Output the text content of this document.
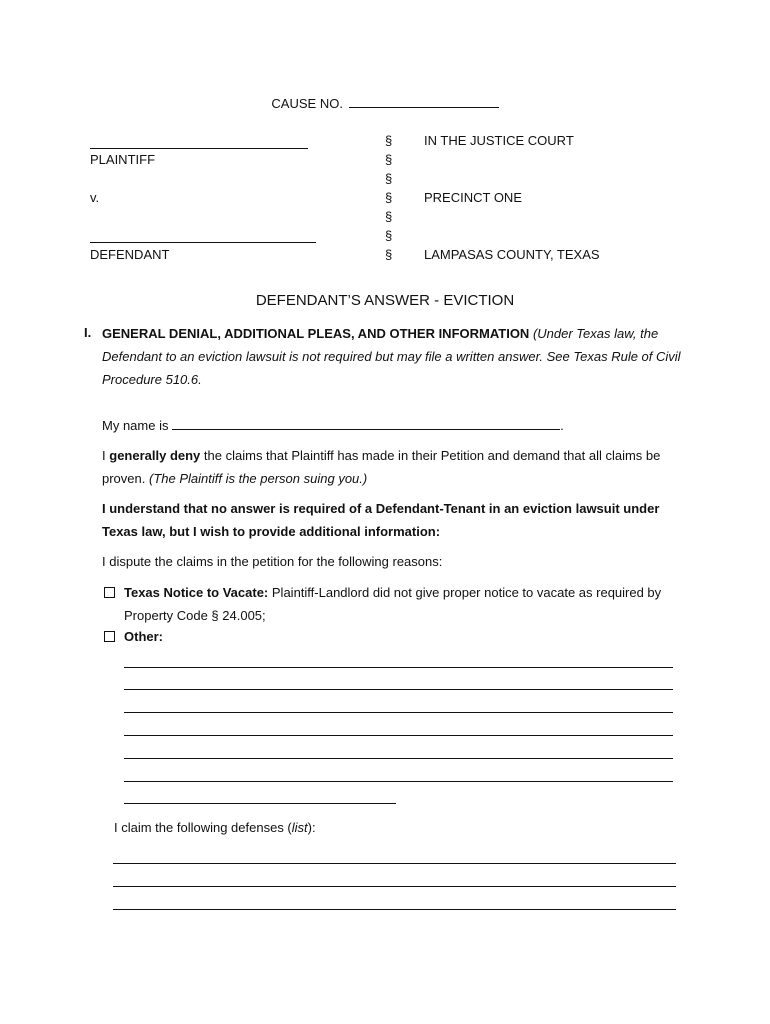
CAUSE NO.
PLAINTIFF
v.
DEFENDANT
§
§
§
§
§
§
§
IN THE JUSTICE COURT
PRECINCT ONE
LAMPASAS COUNTY, TEXAS
DEFENDANT’S ANSWER - EVICTION
I. GENERAL DENIAL, ADDITIONAL PLEAS, AND OTHER INFORMATION (Under Texas law, the Defendant to an eviction lawsuit is not required but may file a written answer. See Texas Rule of Civil Procedure 510.6.
My name is	.
I generally deny the claims that Plaintiff has made in their Petition and demand that all claims be proven. (The Plaintiff is the person suing you.)
I understand that no answer is required of a Defendant-Tenant in an eviction lawsuit under Texas law, but I wish to provide additional information:
I dispute the claims in the petition for the following reasons:
Texas Notice to Vacate: Plaintiff-Landlord did not give proper notice to vacate as required by Property Code § 24.005;
Other:
I claim the following defenses (list):
